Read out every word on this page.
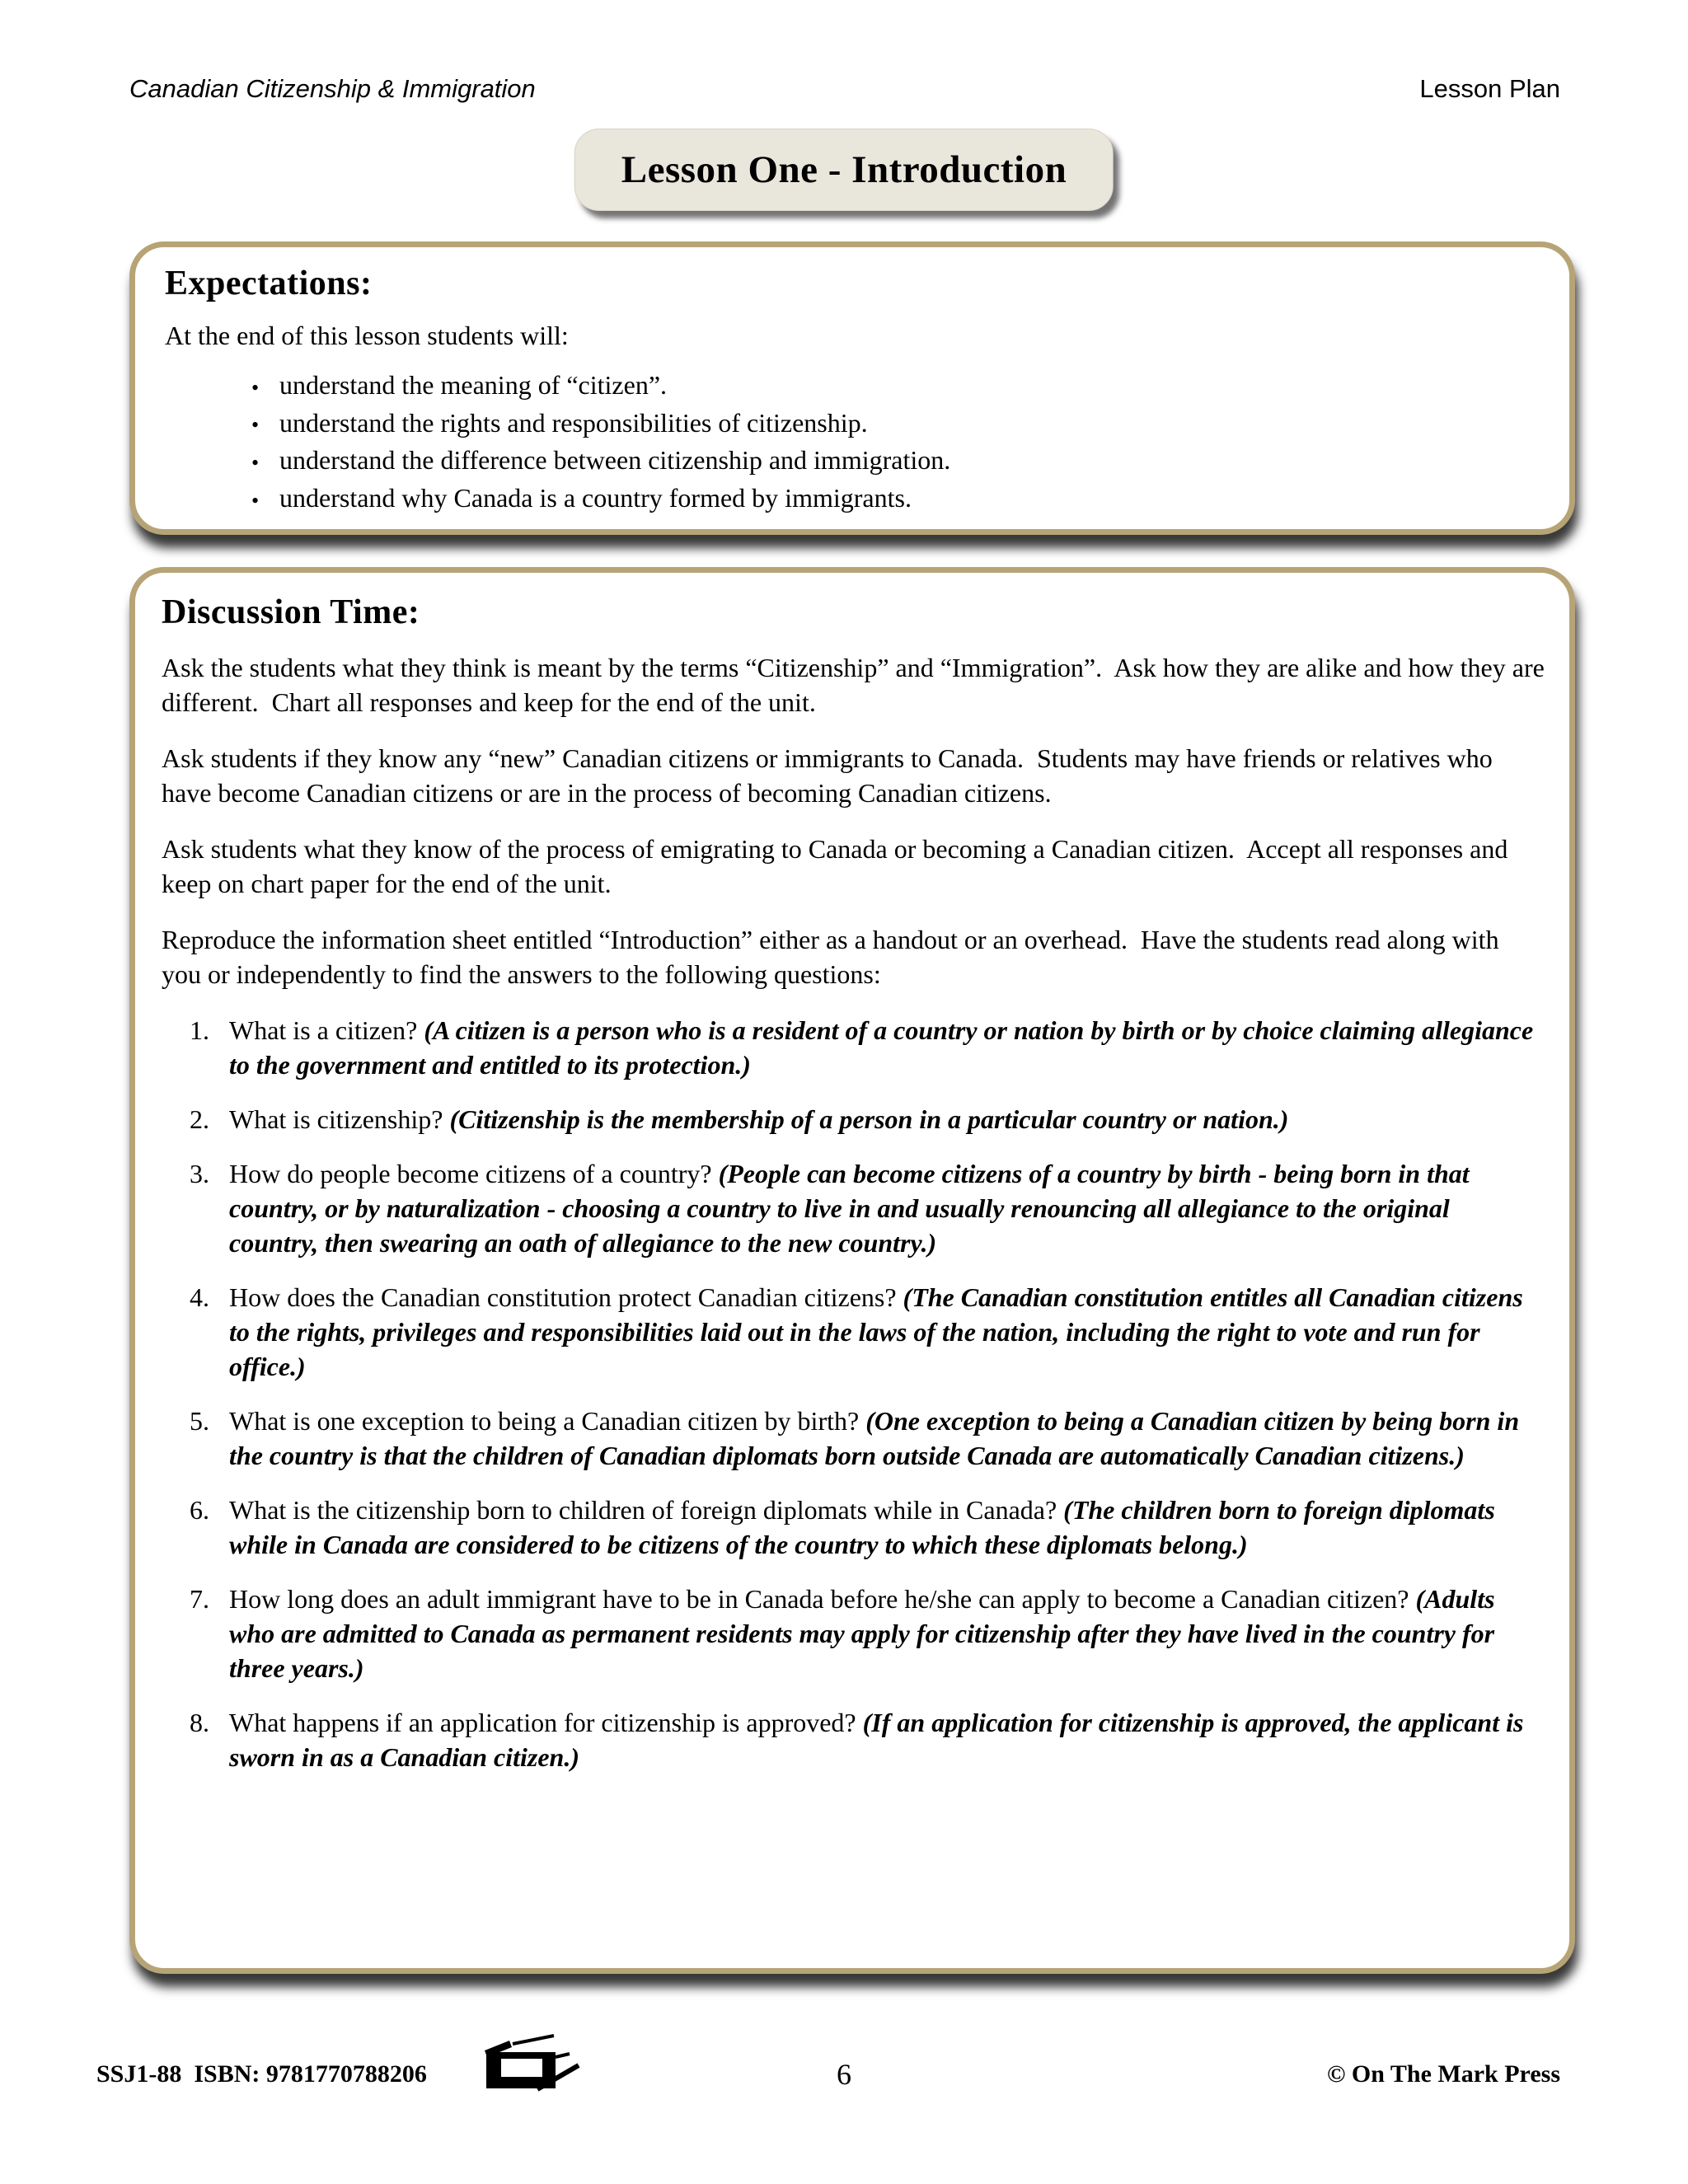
Canadian Citizenship & Immigration	Lesson Plan
Lesson One - Introduction
Expectations:

At the end of this lesson students will:

• understand the meaning of “citizen”.
• understand the rights and responsibilities of citizenship.
• understand the difference between citizenship and immigration.
• understand why Canada is a country formed by immigrants.
Discussion Time:

Ask the students what they think is meant by the terms “Citizenship” and “Immigration”.  Ask how they are alike and how they are different.  Chart all responses and keep for the end of the unit.

Ask students if they know any “new” Canadian citizens or immigrants to Canada.  Students may have friends or relatives who have become Canadian citizens or are in the process of becoming Canadian citizens.

Ask students what they know of the process of emigrating to Canada or becoming a Canadian citizen.  Accept all responses and keep on chart paper for the end of the unit.

Reproduce the information sheet entitled “Introduction” either as a handout or an overhead.  Have the students read along with you or independently to find the answers to the following questions:

1. What is a citizen? (A citizen is a person who is a resident of a country or nation by birth or by choice claiming allegiance to the government and entitled to its protection.)
2. What is citizenship? (Citizenship is the membership of a person in a particular country or nation.)
3. How do people become citizens of a country? (People can become citizens of a country by birth - being born in that country, or by naturalization - choosing a country to live in and usually renouncing all allegiance to the original country, then swearing an oath of allegiance to the new country.)
4. How does the Canadian constitution protect Canadian citizens? (The Canadian constitution entitles all Canadian citizens to the rights, privileges and responsibilities laid out in the laws of the nation, including the right to vote and run for office.)
5. What is one exception to being a Canadian citizen by birth? (One exception to being a Canadian citizen by being born in the country is that the children of Canadian diplomats born outside Canada are automatically Canadian citizens.)
6. What is the citizenship born to children of foreign diplomats while in Canada? (The children born to foreign diplomats while in Canada are considered to be citizens of the country to which these diplomats belong.)
7. How long does an adult immigrant have to be in Canada before he/she can apply to become a Canadian citizen? (Adults who are admitted to Canada as permanent residents may apply for citizenship after they have lived in the country for three years.)
8. What happens if an application for citizenship is approved? (If an application for citizenship is approved, the applicant is sworn in as a Canadian citizen.)
SSJ1-88  ISBN: 9781770788206	6	© On The Mark Press
